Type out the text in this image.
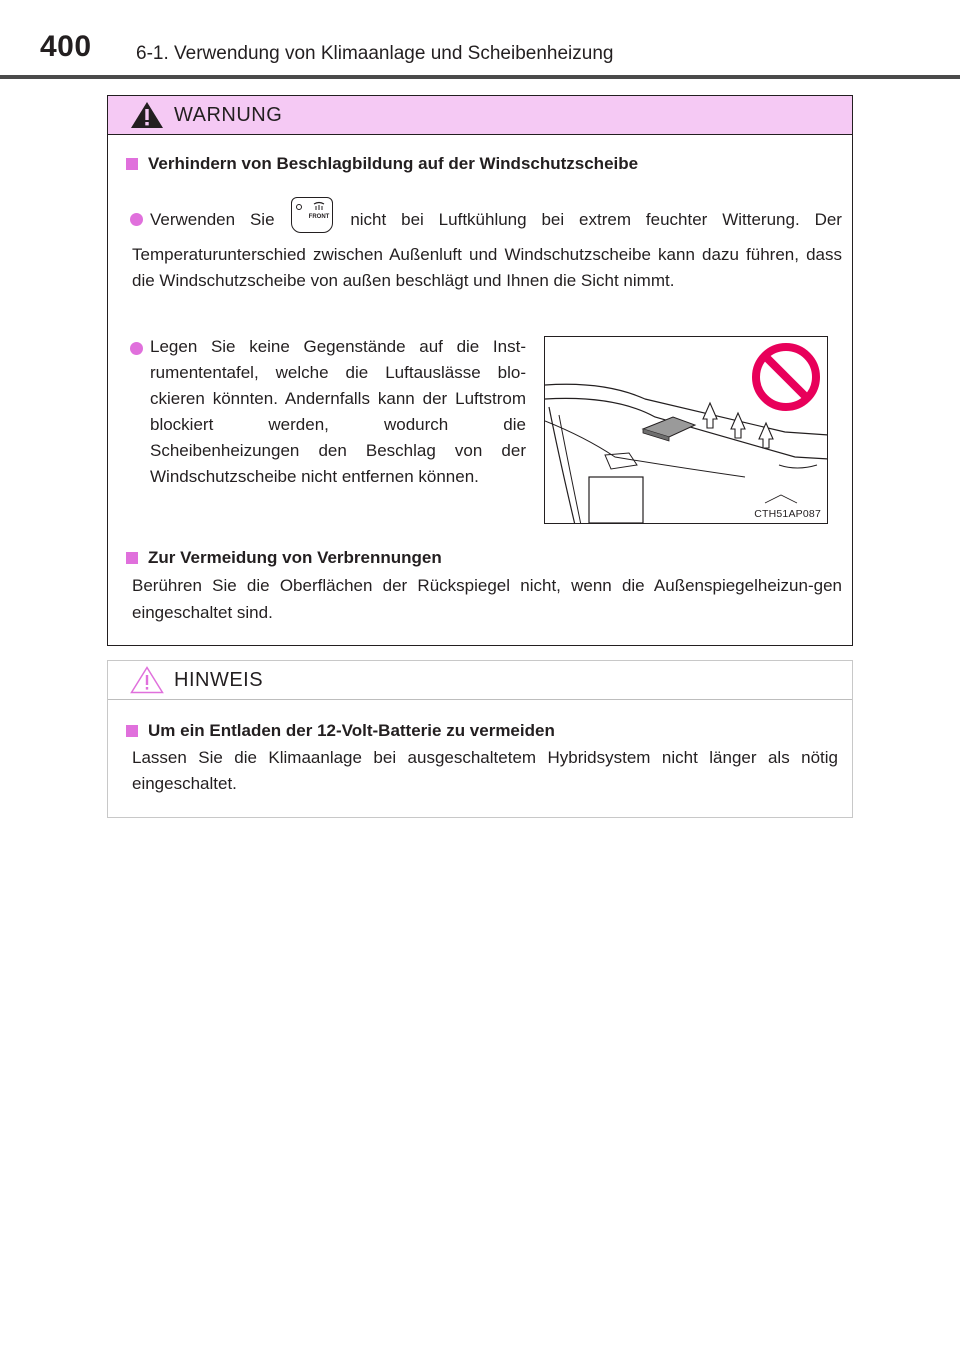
400 6-1. Verwendung von Klimaanlage und Scheibenheizung
WARNUNG
Verhindern von Beschlagbildung auf der Windschutzscheibe
Verwenden Sie	FRONT nicht bei Luftkühlung bei extrem feuchter Witterung. Der
Temperaturunterschied zwischen Außenluft und Windschutzscheibe kann dazu führen, dass die Windschutzscheibe von außen beschlägt und Ihnen die Sicht nimmt.
Legen Sie keine Gegenstände auf die Inst-rumententafel, welche die Luftauslässe blo-ckieren könnten. Andernfalls kann der Luftstrom blockiert werden, wodurch die Scheibenheizungen den Beschlag von der Windschutzscheibe nicht entfernen können.
CTH51AP087
Zur Vermeidung von Verbrennungen
Berühren Sie die Oberflächen der Rückspiegel nicht, wenn die Außenspiegelheizun-gen eingeschaltet sind.
HINWEIS
Um ein Entladen der 12-Volt-Batterie zu vermeiden
Lassen Sie die Klimaanlage bei ausgeschaltetem Hybridsystem nicht länger als nötig eingeschaltet.
